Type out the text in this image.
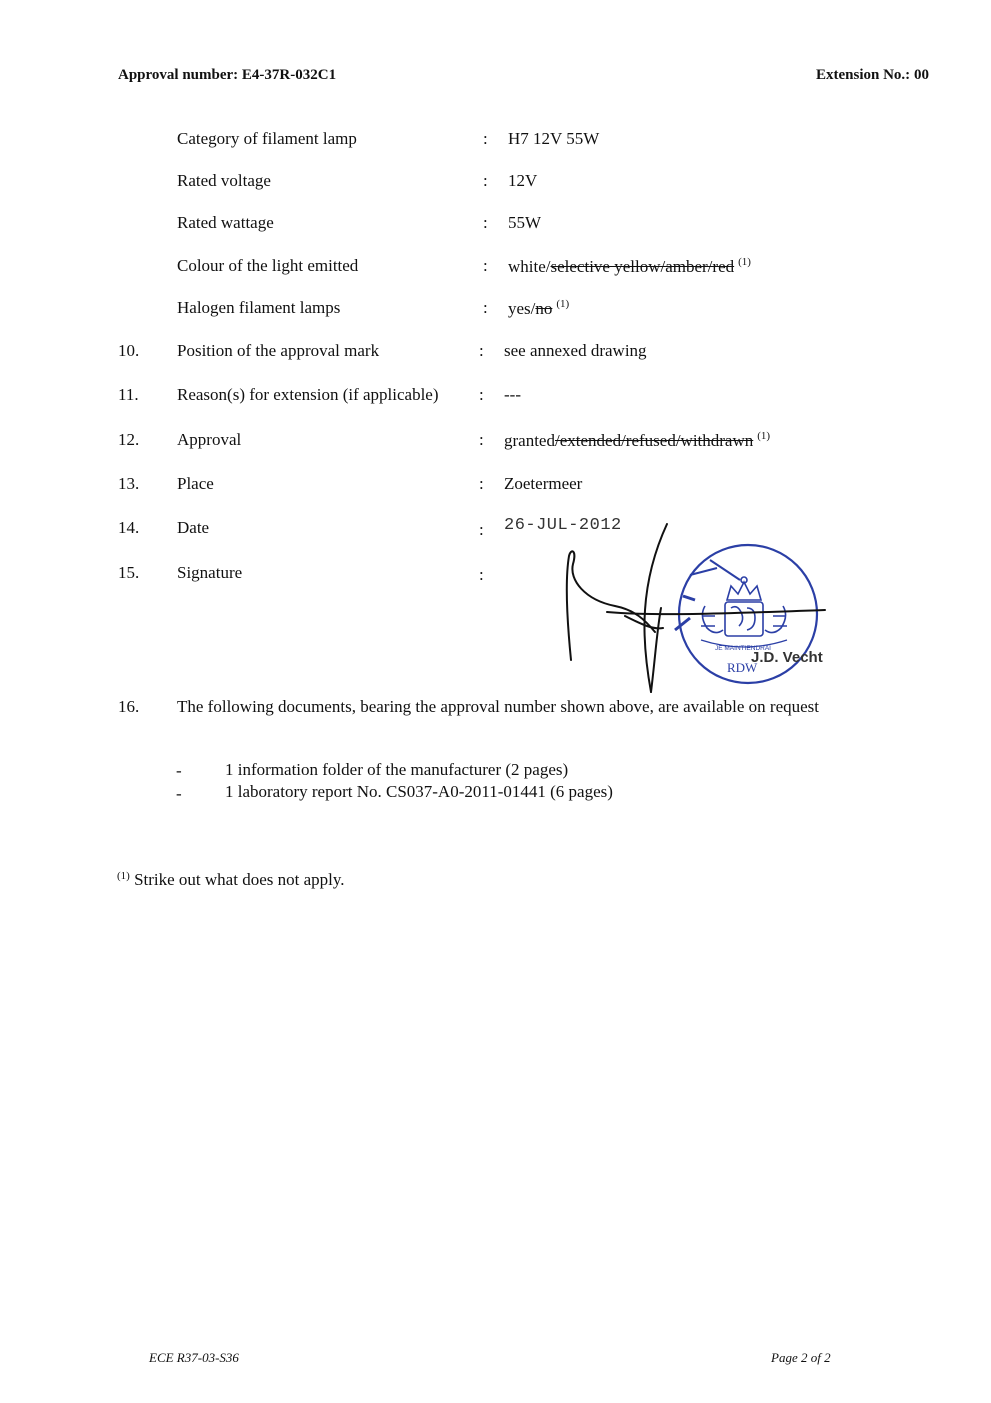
Approval number: E4-37R-032C1	Extension No.: 00
Category of filament lamp	: H7 12V 55W
Rated voltage	: 12V
Rated wattage	: 55W
Colour of the light emitted	: white/selective yellow/amber/red $^{(1)}$
Halogen filament lamps	: yes/no $^{(1)}$
10. Position of the approval mark	: see annexed drawing
11. Reason(s) for extension (if applicable) : ---
12. Approval	: granted/extended/refused/withdrawn $^{(1)}$
13. Place	: Zoetermeer
14. Date	: 26-JUL-2012
15. Signature	:
JE MAINTIENDRAI
RDW
J.D. Vecht
16. The following documents, bearing the approval number shown above, are available on request
-	1 information folder of the manufacturer (2 pages)
-	1 laboratory report No. CS037-A0-2011-01441 (6 pages)
$^{(1)}$ Strike out what does not apply.
ECE R37-03-S36	Page 2 of 2
